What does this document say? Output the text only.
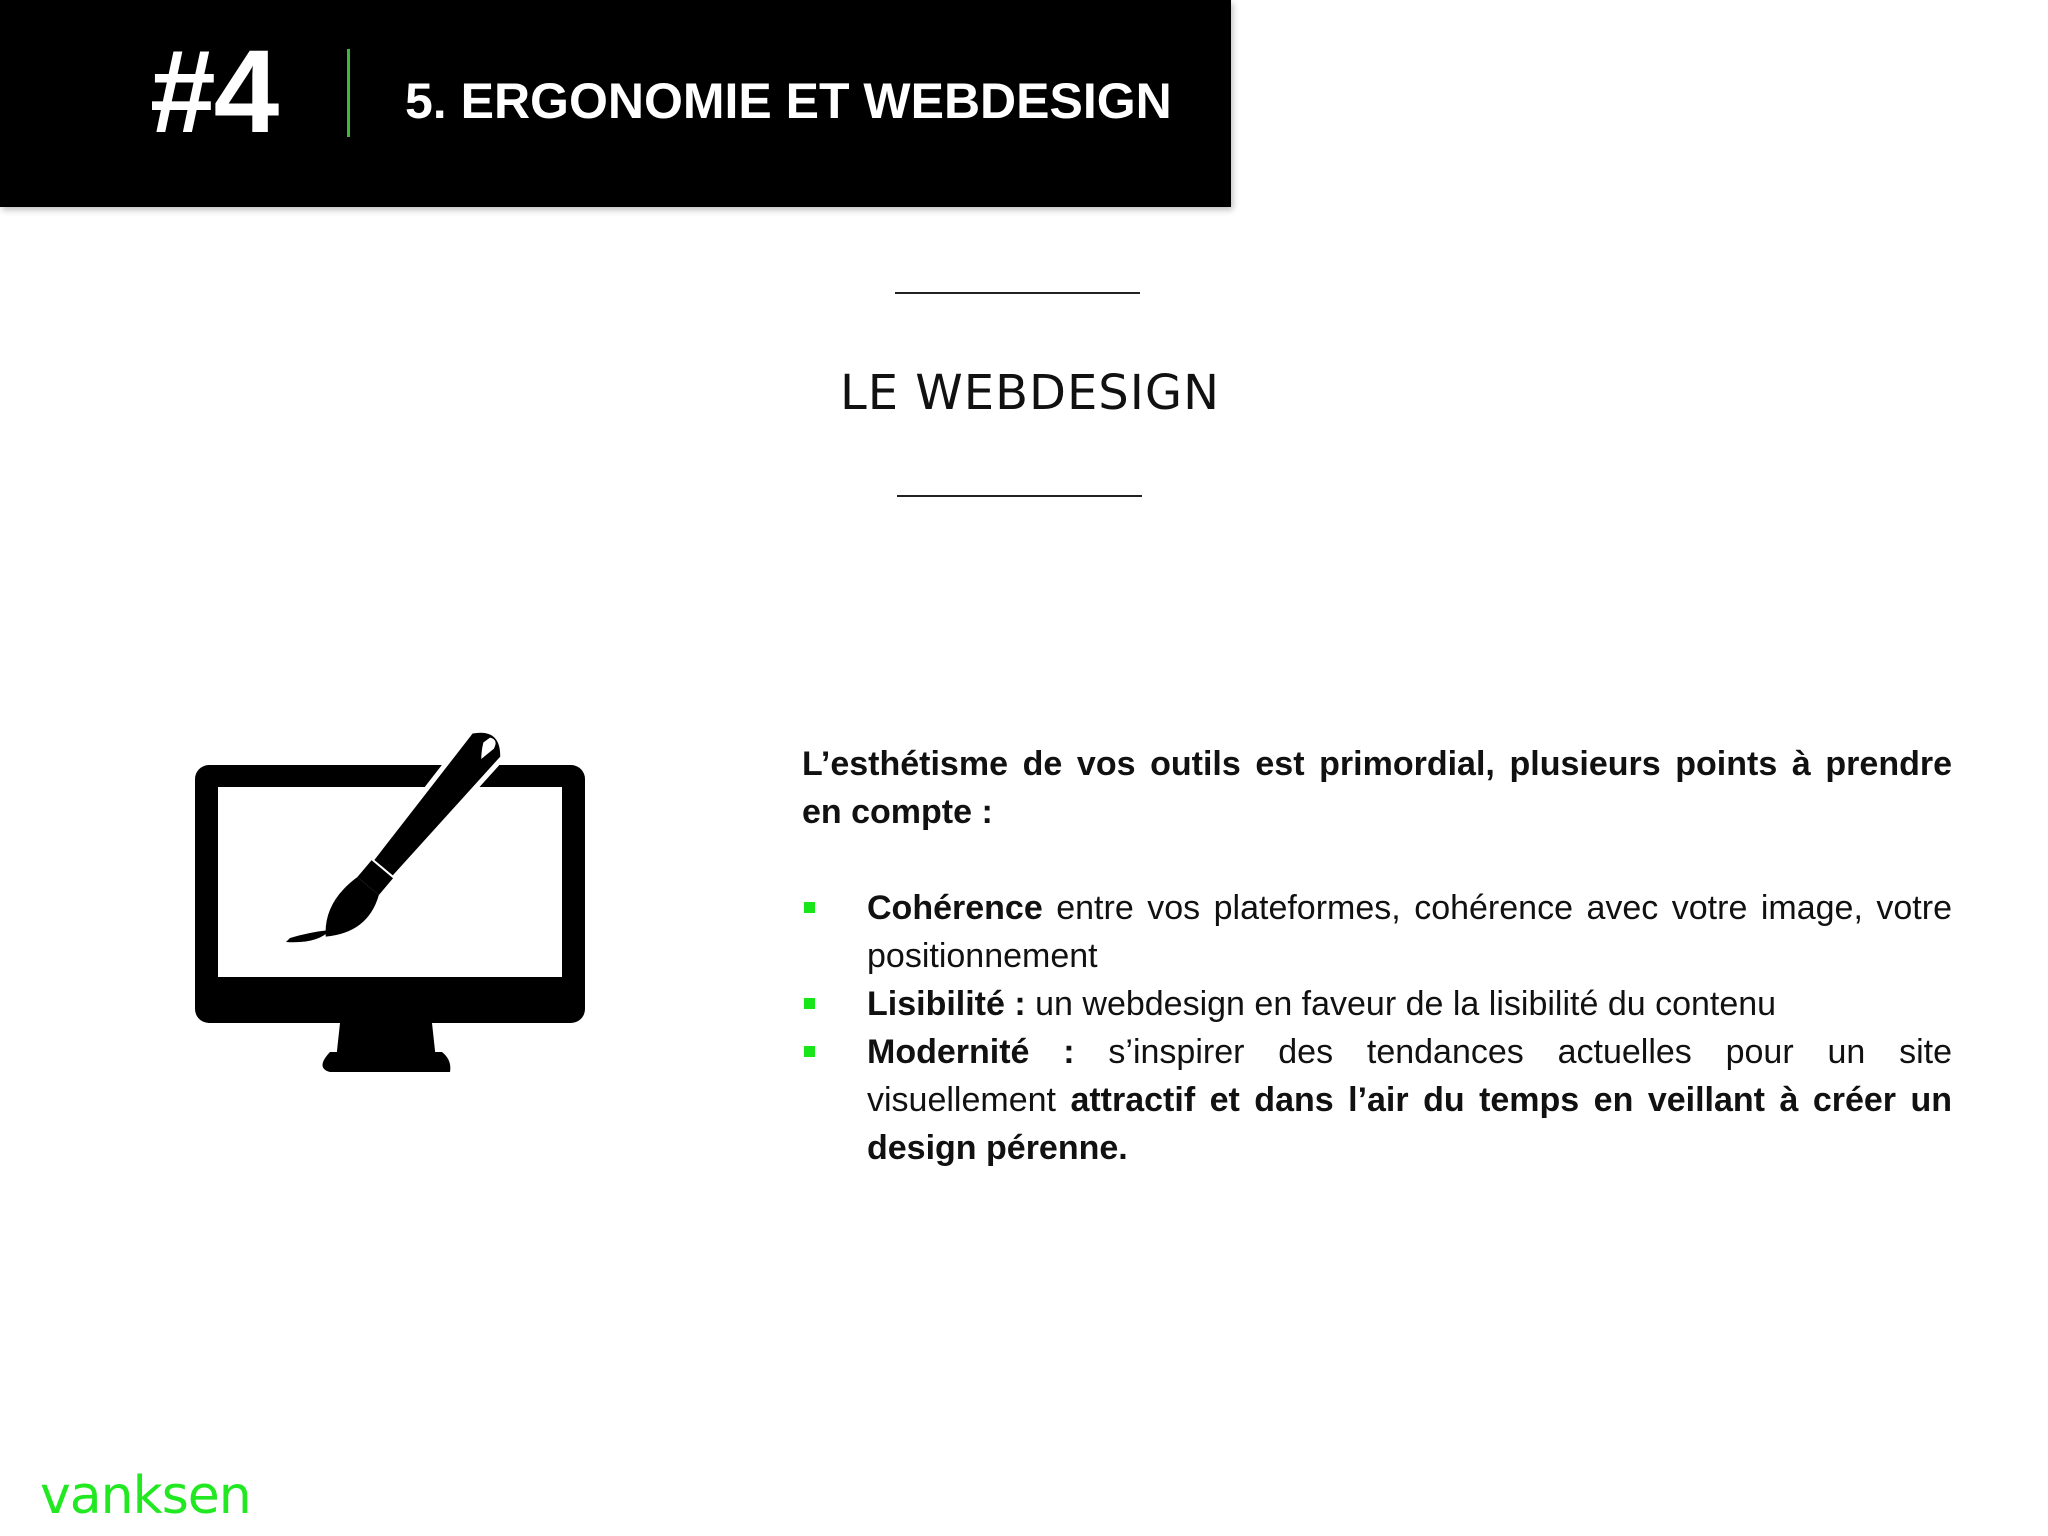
#4	5. ERGONOMIE ET WEBDESIGN
LE WEBDESIGN

L’esthétisme de vos outils est primordial, plusieurs points à prendre en compte :

Cohérence entre vos plateformes, cohérence avec votre image, votre positionnement
Lisibilité : un webdesign en faveur de la lisibilité du contenu
Modernité : s’inspirer des tendances actuelles pour un site visuellement attractif et dans l’air du temps en veillant à créer un design pérenne.
vanksen
